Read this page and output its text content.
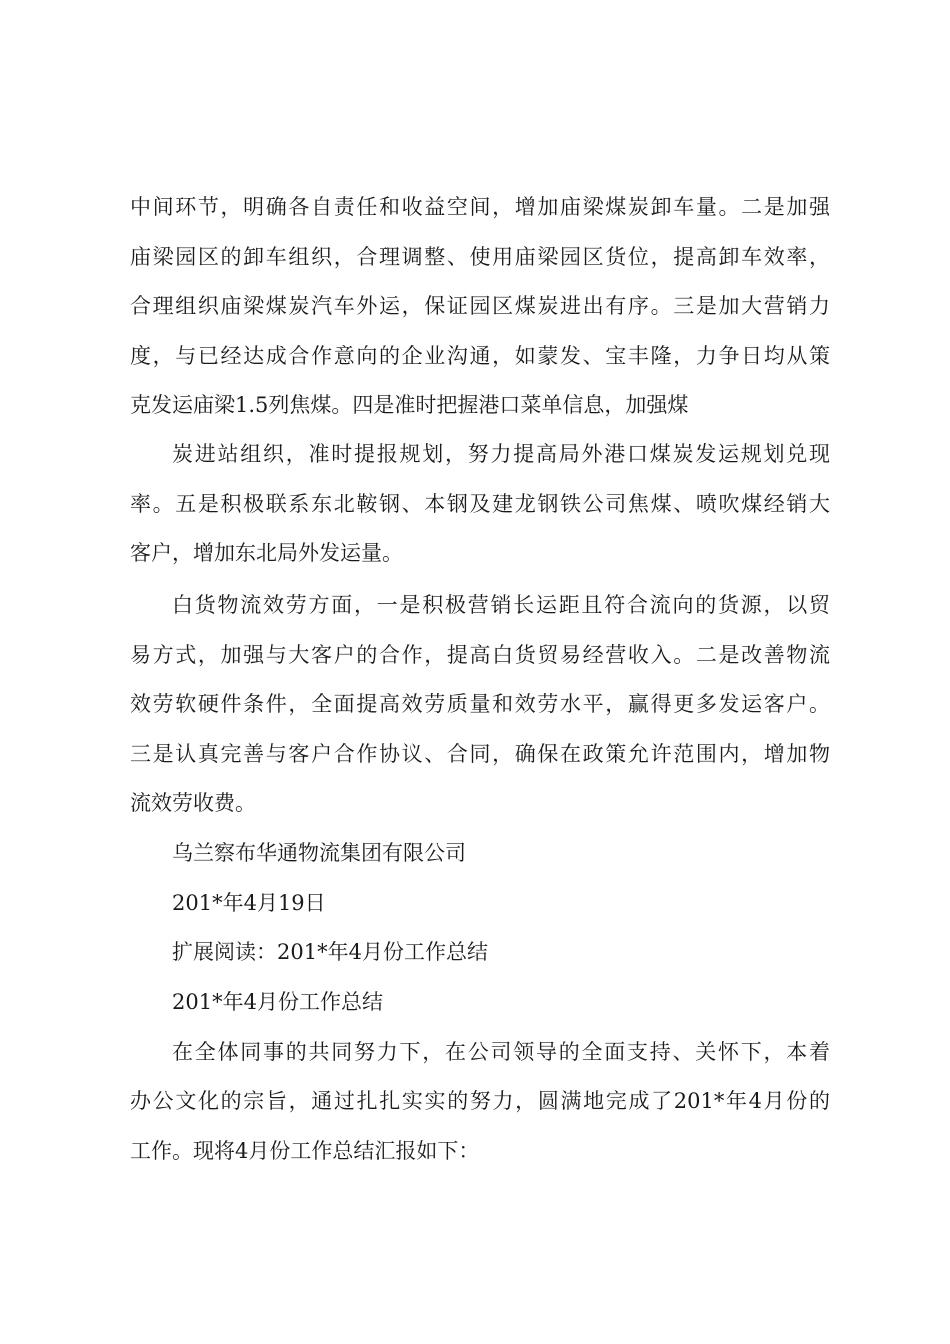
中间环节，明确各自责任和收益空间，增加庙梁煤炭卸车量。二是加强
庙梁园区的卸车组织，合理调整、使用庙梁园区货位，提高卸车效率，
合理组织庙梁煤炭汽车外运，保证园区煤炭进出有序。三是加大营销力
度，与已经达成合作意向的企业沟通，如蒙发、宝丰隆，力争日均从策
克发运庙梁1.5列焦煤。四是准时把握港口菜单信息，加强煤
炭进站组织，准时提报规划，努力提高局外港口煤炭发运规划兑现
率。五是积极联系东北鞍钢、本钢及建龙钢铁公司焦煤、喷吹煤经销大
客户，增加东北局外发运量。
白货物流效劳方面，一是积极营销长运距且符合流向的货源，以贸
易方式，加强与大客户的合作，提高白货贸易经营收入。二是改善物流
效劳软硬件条件，全面提高效劳质量和效劳水平，赢得更多发运客户。
三是认真完善与客户合作协议、合同，确保在政策允许范围内，增加物
流效劳收费。
乌兰察布华通物流集团有限公司
201*年4月19日
扩展阅读：201*年4月份工作总结
201*年4月份工作总结
在全体同事的共同努力下，在公司领导的全面支持、关怀下，本着
办公文化的宗旨，通过扎扎实实的努力，圆满地完成了201*年4月份的
工作。现将4月份工作总结汇报如下：
